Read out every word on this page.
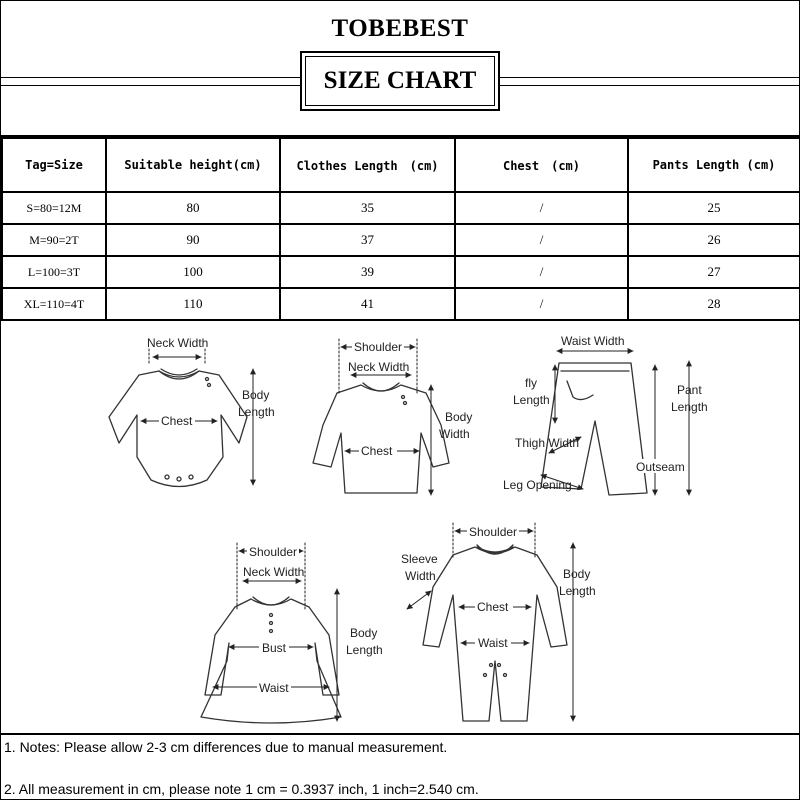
TOBEBEST
SIZE CHART
Tag=Size	Suitable height(cm)	Clothes Length　(cm)	Chest　(cm)	Pants Length (cm)
S=80=12M	80	35	/	25
M=90=2T	90	37	/	26
L=100=3T	100	39	/	27
XL=110=4T	110	41	/	28
Neck Width
Body
Length
Chest
Shoulder
Neck Width
Body
Width
Chest
Waist Width
fly
Length
Pant
Length
Thigh Width
Outseam
Leg Opening
Shoulder
Neck Width
Body
Length
Bust
Waist
Shoulder
Sleeve
Width	Body
Length
Chest
Waist
1. Notes: Please allow 2-3 cm differences due to manual measurement.
2. All measurement in cm, please note 1 cm = 0.3937 inch, 1 inch=2.540 cm.
